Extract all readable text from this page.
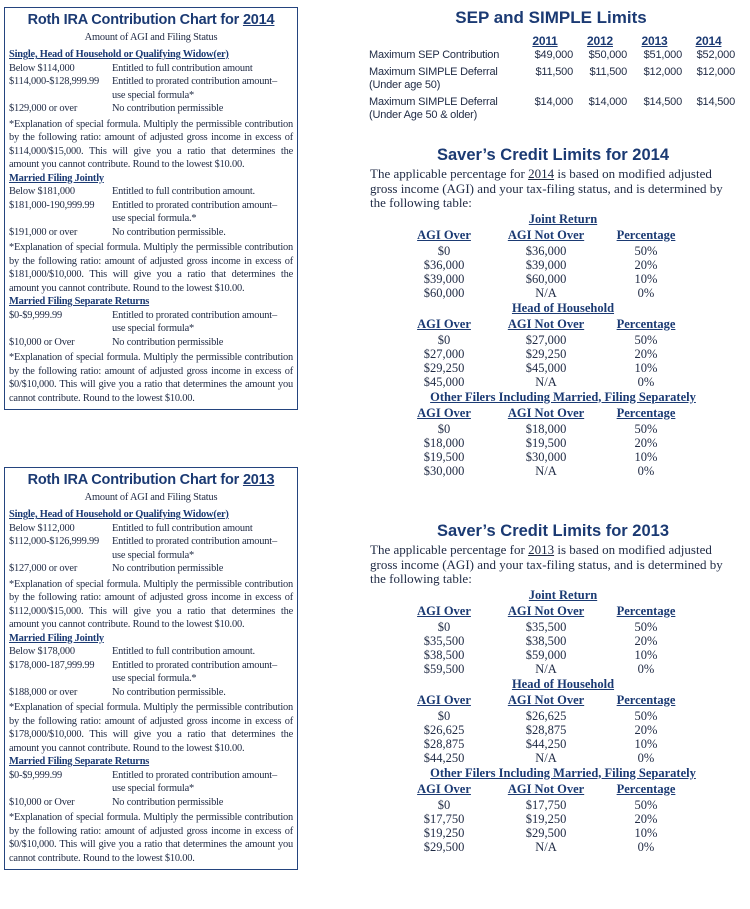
Roth IRA Contribution Chart for 2014
Amount of AGI and Filing Status
Single, Head of Household or Qualifying Widow(er)
Below $114,000	Entitled to full contribution amount
$114,000-$128,999.99	Entitled to prorated contribution amount–
use special formula*
$129,000 or over	No contribution permissible
*Explanation of special formula. Multiply the permissible contribution by the following ratio: amount of adjusted gross income in excess of $114,000/$15,000. This will give you a ratio that determines the amount you cannot contribute. Round to the lowest $10.00.
Married Filing Jointly
Below $181,000	Entitled to full contribution amount.
$181,000-190,999.99	Entitled to prorated contribution amount–
use special formula.*
$191,000 or over	No contribution permissible.
*Explanation of special formula. Multiply the permissible contribution by the following ratio: amount of adjusted gross income in excess of $181,000/$10,000. This will give you a ratio that determines the amount you cannot contribute. Round to the lowest $10.00.
Married Filing Separate Returns
$0-$9,999.99	Entitled to prorated contribution amount–
use special formula*
$10,000 or Over	No contribution permissible
*Explanation of special formula. Multiply the permissible contribution by the following ratio: amount of adjusted gross income in excess of $0/$10,000. This will give you a ratio that determines the amount you cannot contribute. Round to the lowest $10.00.
Roth IRA Contribution Chart for 2013
Amount of AGI and Filing Status
Single, Head of Household or Qualifying Widow(er)
Below $112,000	Entitled to full contribution amount
$112,000-$126,999.99	Entitled to prorated contribution amount–
use special formula*
$127,000 or over	No contribution permissible
*Explanation of special formula. Multiply the permissible contribution by the following ratio: amount of adjusted gross income in excess of $112,000/$15,000. This will give you a ratio that determines the amount you cannot contribute. Round to the lowest $10.00.
Married Filing Jointly
Below $178,000	Entitled to full contribution amount.
$178,000-187,999.99	Entitled to prorated contribution amount–
use special formula.*
$188,000 or over	No contribution permissible.
*Explanation of special formula. Multiply the permissible contribution by the following ratio: amount of adjusted gross income in excess of $178,000/$10,000. This will give you a ratio that determines the amount you cannot contribute. Round to the lowest $10.00.
Married Filing Separate Returns
$0-$9,999.99	Entitled to prorated contribution amount–
use special formula*
$10,000 or Over	No contribution permissible
*Explanation of special formula. Multiply the permissible contribution by the following ratio: amount of adjusted gross income in excess of $0/$10,000. This will give you a ratio that determines the amount you cannot contribute. Round to the lowest $10.00.
SEP and SIMPLE Limits
	2011	2012	2013	2014
Maximum SEP Contribution	$49,000	$50,000	$51,000	$52,000
Maximum SIMPLE Deferral
(Under age 50)	$11,500	$11,500	$12,000	$12,000
Maximum SIMPLE Deferral
(Under Age 50 & older)	$14,000	$14,000	$14,500	$14,500
Saver’s Credit Limits for 2014
The applicable percentage for 2014 is based on modified adjusted gross income (AGI) and your tax-filing status, and is determined by the following table:
Joint Return
AGI Over	AGI Not Over	Percentage
$0	$36,000	50%
$36,000	$39,000	20%
$39,000	$60,000	10%
$60,000	N/A	0%
Head of Household
AGI Over	AGI Not Over	Percentage
$0	$27,000	50%
$27,000	$29,250	20%
$29,250	$45,000	10%
$45,000	N/A	0%
Other Filers Including Married, Filing Separately
AGI Over	AGI Not Over	Percentage
$0	$18,000	50%
$18,000	$19,500	20%
$19,500	$30,000	10%
$30,000	N/A	0%
Saver’s Credit Limits for 2013
The applicable percentage for 2013 is based on modified adjusted gross income (AGI) and your tax-filing status, and is determined by the following table:
Joint Return
AGI Over	AGI Not Over	Percentage
$0	$35,500	50%
$35,500	$38,500	20%
$38,500	$59,000	10%
$59,500	N/A	0%
Head of Household
AGI Over	AGI Not Over	Percentage
$0	$26,625	50%
$26,625	$28,875	20%
$28,875	$44,250	10%
$44,250	N/A	0%
Other Filers Including Married, Filing Separately
AGI Over	AGI Not Over	Percentage
$0	$17,750	50%
$17,750	$19,250	20%
$19,250	$29,500	10%
$29,500	N/A	0%
